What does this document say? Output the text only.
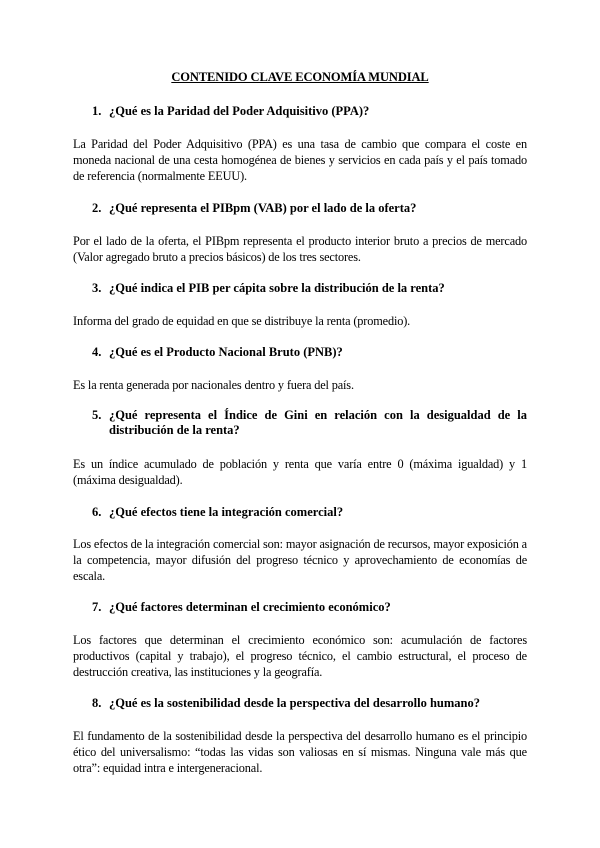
CONTENIDO CLAVE ECONOMÍA MUNDIAL
1. ¿Qué es la Paridad del Poder Adquisitivo (PPA)?
La Paridad del Poder Adquisitivo (PPA) es una tasa de cambio que compara el coste en moneda nacional de una cesta homogénea de bienes y servicios en cada país y el país tomado de referencia (normalmente EEUU).
2. ¿Qué representa el PIBpm (VAB) por el lado de la oferta?
Por el lado de la oferta, el PIBpm representa el producto interior bruto a precios de mercado (Valor agregado bruto a precios básicos) de los tres sectores.
3. ¿Qué indica el PIB per cápita sobre la distribución de la renta?
Informa del grado de equidad en que se distribuye la renta (promedio).
4. ¿Qué es el Producto Nacional Bruto (PNB)?
Es la renta generada por nacionales dentro y fuera del país.
5. ¿Qué representa el Índice de Gini en relación con la desigualdad de la distribución de la renta?
Es un índice acumulado de población y renta que varía entre 0 (máxima igualdad) y 1 (máxima desigualdad).
6. ¿Qué efectos tiene la integración comercial?
Los efectos de la integración comercial son: mayor asignación de recursos, mayor exposición a la competencia, mayor difusión del progreso técnico y aprovechamiento de economías de escala.
7. ¿Qué factores determinan el crecimiento económico?
Los factores que determinan el crecimiento económico son: acumulación de factores productivos (capital y trabajo), el progreso técnico, el cambio estructural, el proceso de destrucción creativa, las instituciones y la geografía.
8. ¿Qué es la sostenibilidad desde la perspectiva del desarrollo humano?
El fundamento de la sostenibilidad desde la perspectiva del desarrollo humano es el principio ético del universalismo: “todas las vidas son valiosas en sí mismas. Ninguna vale más que otra”: equidad intra e intergeneracional.
